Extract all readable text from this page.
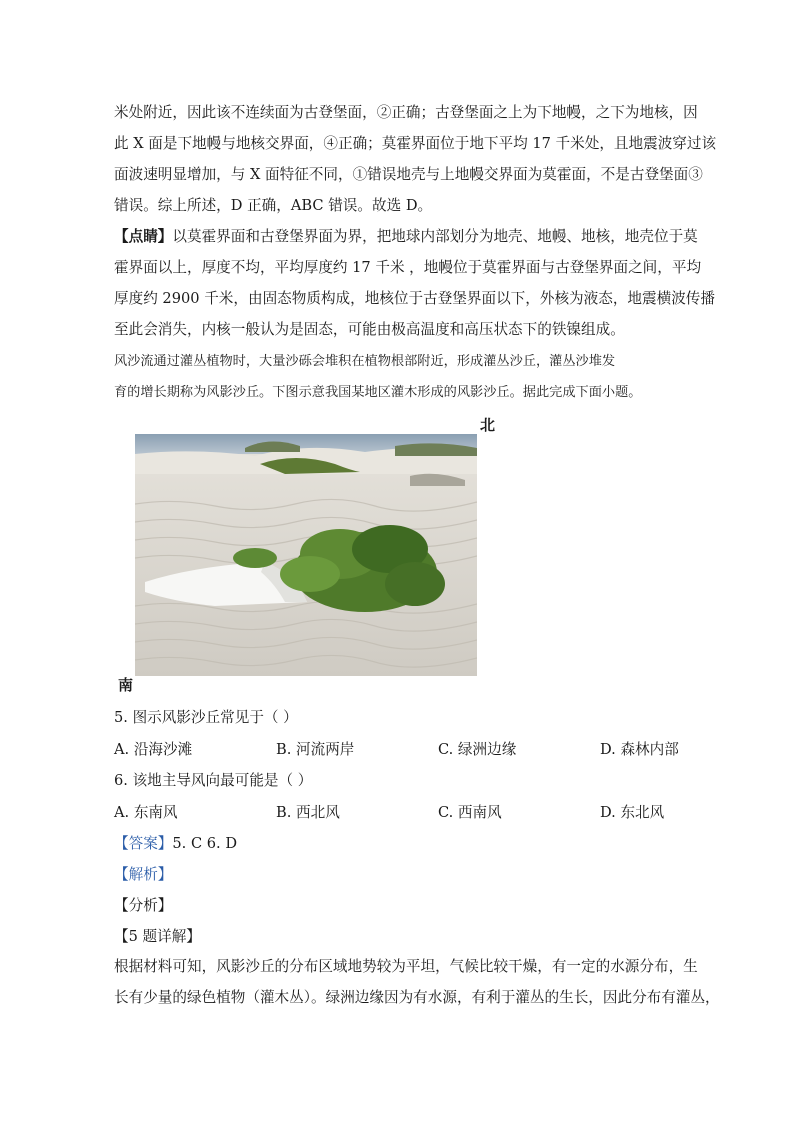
米处附近，因此该不连续面为古登堡面，②正确；古登堡面之上为下地幔，之下为地核，因
此 X 面是下地幔与地核交界面，④正确；莫霍界面位于地下平均 17 千米处，且地震波穿过该
面波速明显增加，与 X 面特征不同，①错误地壳与上地幔交界面为莫霍面，不是古登堡面③
错误。综上所述，D 正确，ABC 错误。故选 D。
【点睛】以莫霍界面和古登堡界面为界，把地球内部划分为地壳、地幔、地核，地壳位于莫
霍界面以上，厚度不均，平均厚度约 17 千米 ，地幔位于莫霍界面与古登堡界面之间，平均
厚度约 2900 千米，由固态物质构成，地核位于古登堡界面以下，外核为液态，地震横波传播
至此会消失，内核一般认为是固态，可能由极高温度和高压状态下的铁镍组成。
风沙流通过灌丛植物时，大量沙砾会堆积在植物根部附近，形成灌丛沙丘，灌丛沙堆发
育的增长期称为风影沙丘。下图示意我国某地区灌木形成的风影沙丘。据此完成下面小题。
北
南
5. 图示风影沙丘常见于（ ）
A. 沿海沙滩	B. 河流两岸	C. 绿洲边缘	D. 森林内部
6. 该地主导风向最可能是（ ）
A. 东南风	B. 西北风	C. 西南风	D. 东北风
【答案】5. C 6. D
【解析】
【分析】
【5 题详解】
根据材料可知，风影沙丘的分布区域地势较为平坦，气候比较干燥，有一定的水源分布，生
长有少量的绿色植物（灌木丛）。绿洲边缘因为有水源，有利于灌丛的生长，因此分布有灌丛，
